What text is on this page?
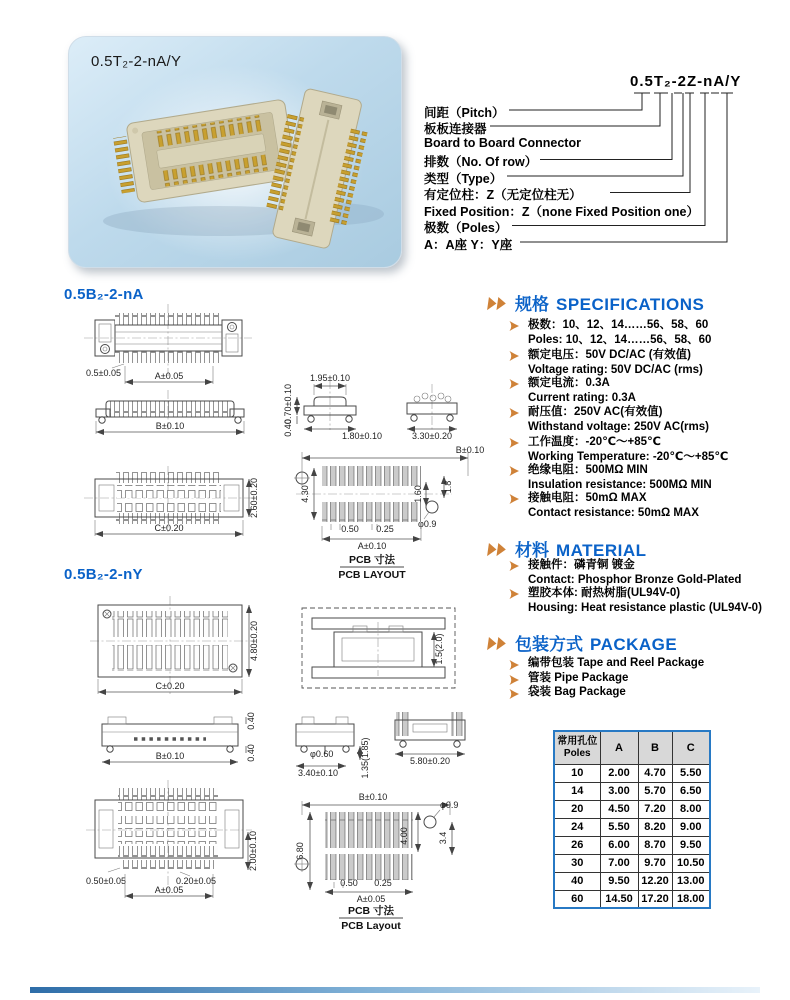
0.5T₂-2-nA/Y
0.5T₂-2Z-nA/Y
间距（Pitch）
板板连接器
Board to Board Connector
排数（No. Of row）
类型（Type）
有定位柱：Z（无定位柱无）
Fixed Position：Z（none Fixed Position one）
极数（Poles）
A：A座 Y：Y座
0.5B₂-2-nA
0.5B₂-2-nY
0.5±0.05	A±0.05
B±0.10
1.95±0.10
0.70±0.10
0.40	1.80±0.10	3.30±0.20
C±0.20
2.60±0.20
B±0.10
4.30	1.60 1.8
φ0.9
0.50 0.25
A±0.10
PCB 寸法
PCB LAYOUT
C±0.20
4.80±0.20	1.5(2.0)
0.40
0.40
B±0.10	φ0.60
3.40±0.10 1.35(1.85)	5.80±0.20
0.50±0.05	0.20±0.05
A±0.05
2.00±0.10
B±0.10
φ0.9
6.80
4.00	3.4
0.50 0.25
A±0.05
PCB 寸法
PCB Layout
规格 SPECIFICATIONS
极数：10、12、14……56、58、60
Poles: 10、12、14……56、58、60
额定电压：50V DC/AC (有效值)
Voltage rating: 50V DC/AC (rms)
额定电流：0.3A
Current rating: 0.3A
耐压值：250V AC(有效值)
Withstand voltage: 250V AC(rms)
工作温度：-20℃～+85℃
Working Temperature: -20℃～+85℃
绝缘电阻：500MΩ MIN
Insulation resistance: 500MΩ MIN
接触电阻：50mΩ MAX
Contact resistance: 50mΩ MAX
材料 MATERIAL
接触件：磷青铜 镀金
Contact: Phosphor Bronze Gold-Plated
塑胶本体: 耐热树脂(UL94V-0)
Housing: Heat resistance plastic (UL94V-0)
包装方式 PACKAGE
编带包装 Tape and Reel Package
管装 Pipe Package
袋装 Bag Package
常用孔位
Poles	A	B	C
10	2.00	4.70	5.50
14	3.00	5.70	6.50
20	4.50	7.20	8.00
24	5.50	8.20	9.00
26	6.00	8.70	9.50
30	7.00	9.70	10.50
40	9.50	12.20	13.00
60	14.50	17.20	18.00
